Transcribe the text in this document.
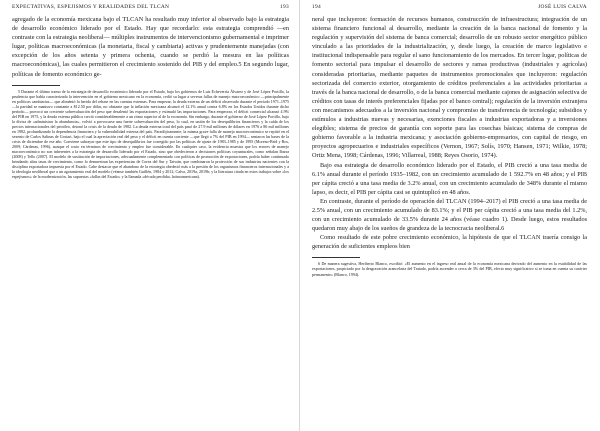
EXPECTATIVAS, ESPEJISMOS Y REALIDADES DEL TLCAN	193

agregado de la economía mexicana bajo el TLCAN ha resultado muy inferior al observado bajo la estrategia de desarrollo económico liderado por el Estado. Hay que recordarlo: esta estrategia comprendió —en contraste con la estrategia neoliberal— múltiples instrumentos de intervencionismo gubernamental e imprimer lugar, políticas macroeconómicas (la monetaria, fiscal y cambiaria) activas y prudentemente manejadas (con excepción de los años setenta y primera ochenta, cuando se perdió la mesura en las políticas macroeconómicas), las cuales permitieron el crecimiento sostenido del PIB y del empleo.5 En segundo lugar, políticas de fomento económico ge-

5 Durante el último tramo de la estrategia de desarrollo económico liderado por el Estado, bajo los gobiernos de Luis Echeverría Álvarez y de José López Portillo, la prudencia que había caracterizado la intervención en el gobierno mexicano en la economía, cedió su lugar a severas fallas de manejo macroeconómico —principalmente en políticas cambiarias— que aliméntó la herida del rebase en las cuentas externas. Para empezar, la deuda externa de un déficit observado durante el período 1971–1975 —la paridad se mantuvo constante a $12.50 por dólar, no obstante que la inflación mexicana alcanzó el 12.1% anual contra 6.8% en los Estados Unidos durante dicho período— provocó un creciente sobrevaluación del peso que desalentó las exportaciones y estimuló las importaciones. Para empeorar, el déficit comercial alcanzó 4.9% del PIB en 1975, y la deuda externa pública creció considerablemente a un ritmo superior al de la economía. Sin embargo, durante el gobierno de José López Portillo, bajo la divisa de «administrar la abundancia», volvió a provocarse una fuerte sobrevaluación del peso, lo cual, en unión de los desequilibrios financieros y la caída de los precios internacionales del petróleo, detonó la crisis de la deuda de 1982. La deuda externa total del país pasó de 27.9 mil millones de dólares en 1976 a 86 mil millones en 1982, profundizando la dependencia financiera y la vulnerabilidad externa del país. Paradójicamente, la misma grave falla de manejo macroeconómico se repitió en el sexenio de Carlos Salinas de Gortari, bajo el cual la apreciación real del peso y el déficit en cuenta corriente —que llegó a 7% del PIB en 1994— sentaron las bases de la crisis de diciembre de ese año. Conviene subrayar que este tipo de desequilibrios fue corregido por las políticas de ajuste de 1983–1985 y de 1995 (Moreno-Brid y Ros, 2009; Cárdenas, 1996), aunque el costo en términos de crecimiento y empleo fue considerable. En cualquier caso, la evidencia muestra que los errores de manejo macroeconómico no son inherentes a la estrategia de desarrollo liderado por el Estado, sino que obedecieron a decisiones políticas coyunturales, como señalan Ibarra (2008) y Tello (2007). El modelo de sustitución de importaciones, adecuadamente complementado con políticas de promoción de exportaciones, podría haber continuado brindando altas tasas de crecimiento, como lo demuestran las experiencias de Corea del Sur y Taiwán, que combinaron la protección de sus industrias nacientes con la disciplina exportadora impuesta por el Estado. Cabe destacar que el abandono de la estrategia obedeció más a la presión de los organismos financieros internacionales y a la ideología neoliberal que a un agotamiento real del modelo (véanse también Guillén, 1984 y 2012; Calva, 2019a, 2019b; y la literatura citada en estos trabajos sobre «los espejismos» de la modernización, las supuestas «fallas del Estado» y la llamada «década perdida» latinoamericana).

194	JOSÉ LUIS CALVA

neral que incluyeron: formación de recursos humanos, construcción de infraestructura; integración de un sistema financiero funcional al desarrollo, mediante la creación de la banca nacional de fomento y la regulación y supervisión del sistema de banca comercial; desarrollo de un robusto sector energético público vinculado a las prioridades de la industrialización, y, desde luego, la creación de marco legislativo e institucional indispensable para regular el sano funcionamiento de los mercados. En tercer lugar, políticas de fomento sectorial para impulsar el desarrollo de sectores y ramas productivas (industriales y agrícolas) consideradas prioritarias, mediante paquetes de instrumentos promocionales que incluyeron: regulación sectorizada del comercio exterior, otorgamiento de créditos preferenciales a las actividades prioritarias a través de la banca nacional de desarrollo, o de la banca comercial mediante cajones de asignación selectiva de créditos con tasas de interés preferenciales fijadas por el banco central); regulación de la inversión extranjera con mecanismos adecuados a la inversión nacional y compromiso de transferencia de tecnología; subsidios y estímulos a industrias nuevas y necesarias, exenciones fiscales a industrias exportadoras y a inversiones elegibles; sistema de precios de garantía con soporte para las cosechas básicas; sistema de compras de gobierno favorable a la industria mexicana; y asociación gobierno-empresarios, con capital de riesgo, en proyectos agropecuarios e industriales específicos (Vernon, 1967; Solís, 1970; Hansen, 1971; Wilkie, 1978; Ortiz Mena, 1998; Cárdenas, 1996; Villarreal, 1988; Reyes Osorio, 1974).

Bajo esa estrategia de desarrollo económico liderado por el Estado, el PIB creció a una tasa media de 6.1% anual durante el período 1935–1982, con un crecimiento acumulado de 1 592.7% en 48 años; y el PIB per cápita creció a una tasa media de 3.2% anual, con un crecimiento acumulado de 348% durante el mismo lapso, es decir, el PIB per cápita casi se quintuplicó en 48 años.

En contraste, durante el período de operación del TLCAN (1994–2017) el PIB creció a una tasa media de 2.5% anual, con un crecimiento acumulado de 83.1%; y el PIB per cápita creció a una tasa media del 1.2%, con un crecimiento acumulado de 33.5% durante 24 años (véase cuadro 1). Desde luego, estos resultados quedaron muy abajo de los sueños de grandeza de la tecnocracia neoliberal.6

Como resultado de este pobre crecimiento económico, la hipótesis de que el TLCAN traería consigo la generación de suficientes empleos bien

6 De manera sugestiva, Heriberto Blanco, escribió: «El aumento en el ingreso real anual de la economía mexicana derivado del aumento en la estabilidad de las exportaciones, propiciado por la desgravación arancelaria del Tratado, podría ascender a cerca de 3% del PIB, efecto muy significativo si se toma en cuenta su carácter permanente» (Blanco, 1994).
